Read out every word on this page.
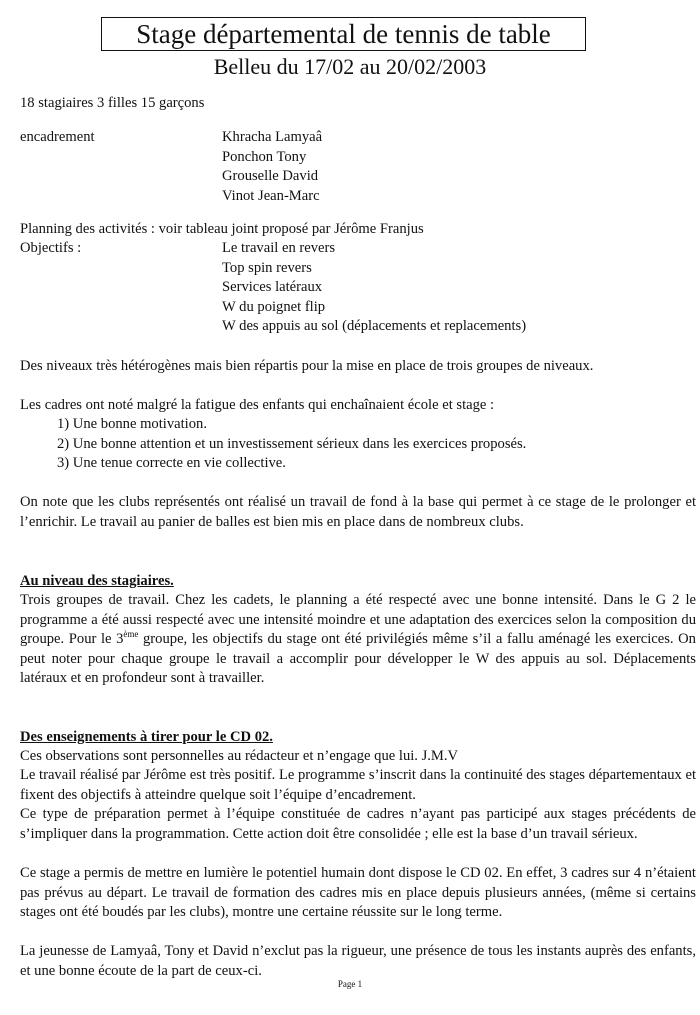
Stage départemental de tennis de table
Belleu du 17/02 au 20/02/2003
18 stagiaires 3 filles 15 garçons
encadrement	Khracha Lamyaâ
Ponchon Tony
Grouselle David
Vinot Jean-Marc
Planning des activités : voir tableau joint proposé par Jérôme Franjus
Objectifs :	Le travail en revers
Top spin revers
Services latéraux
W du poignet flip
W des appuis au sol (déplacements et replacements)
Des niveaux très hétérogènes mais bien répartis pour la mise en place de trois groupes de niveaux.
Les cadres ont noté malgré la fatigue des enfants qui enchaînaient école et stage :
1) Une bonne motivation.
2) Une bonne attention et un investissement sérieux dans les exercices proposés.
3) Une tenue correcte en vie collective.
On note que les clubs représentés ont réalisé un travail de fond à la base qui permet à ce stage de le prolonger et l’enrichir. Le travail au panier de balles est bien mis en place dans de nombreux clubs.
Au niveau des stagiaires.
Trois groupes de travail. Chez les cadets, le planning a été respecté avec une bonne intensité. Dans le G 2 le programme a été aussi respecté avec une intensité moindre et une adaptation des exercices selon la composition du groupe. Pour le 3ème groupe, les objectifs du stage ont été privilégiés même s’il a fallu aménagé les exercices. On peut noter pour chaque groupe le travail a accomplir pour développer le W des appuis au sol. Déplacements latéraux et en profondeur sont à travailler.
Des enseignements à tirer pour le CD 02.
Ces observations sont personnelles au rédacteur et n’engage que lui. J.M.V
Le travail réalisé par Jérôme est très positif. Le programme s’inscrit dans la continuité des stages départementaux et fixent des objectifs à atteindre quelque soit l’équipe d’encadrement.
Ce type de préparation permet à l’équipe constituée de cadres n’ayant pas participé aux stages précédents de s’impliquer dans la programmation. Cette action doit être consolidée ; elle est la base d’un travail sérieux.
Ce stage a permis de mettre en lumière le potentiel humain dont dispose le CD 02. En effet, 3 cadres sur 4 n’étaient pas prévus au départ. Le travail de formation des cadres mis en place depuis plusieurs années, (même si certains stages ont été boudés par les clubs), montre une certaine réussite sur le long terme.
La jeunesse de Lamyaâ, Tony et David n’exclut pas la rigueur, une présence de tous les instants auprès des enfants, et une bonne écoute de la part de ceux-ci.
Page 1
